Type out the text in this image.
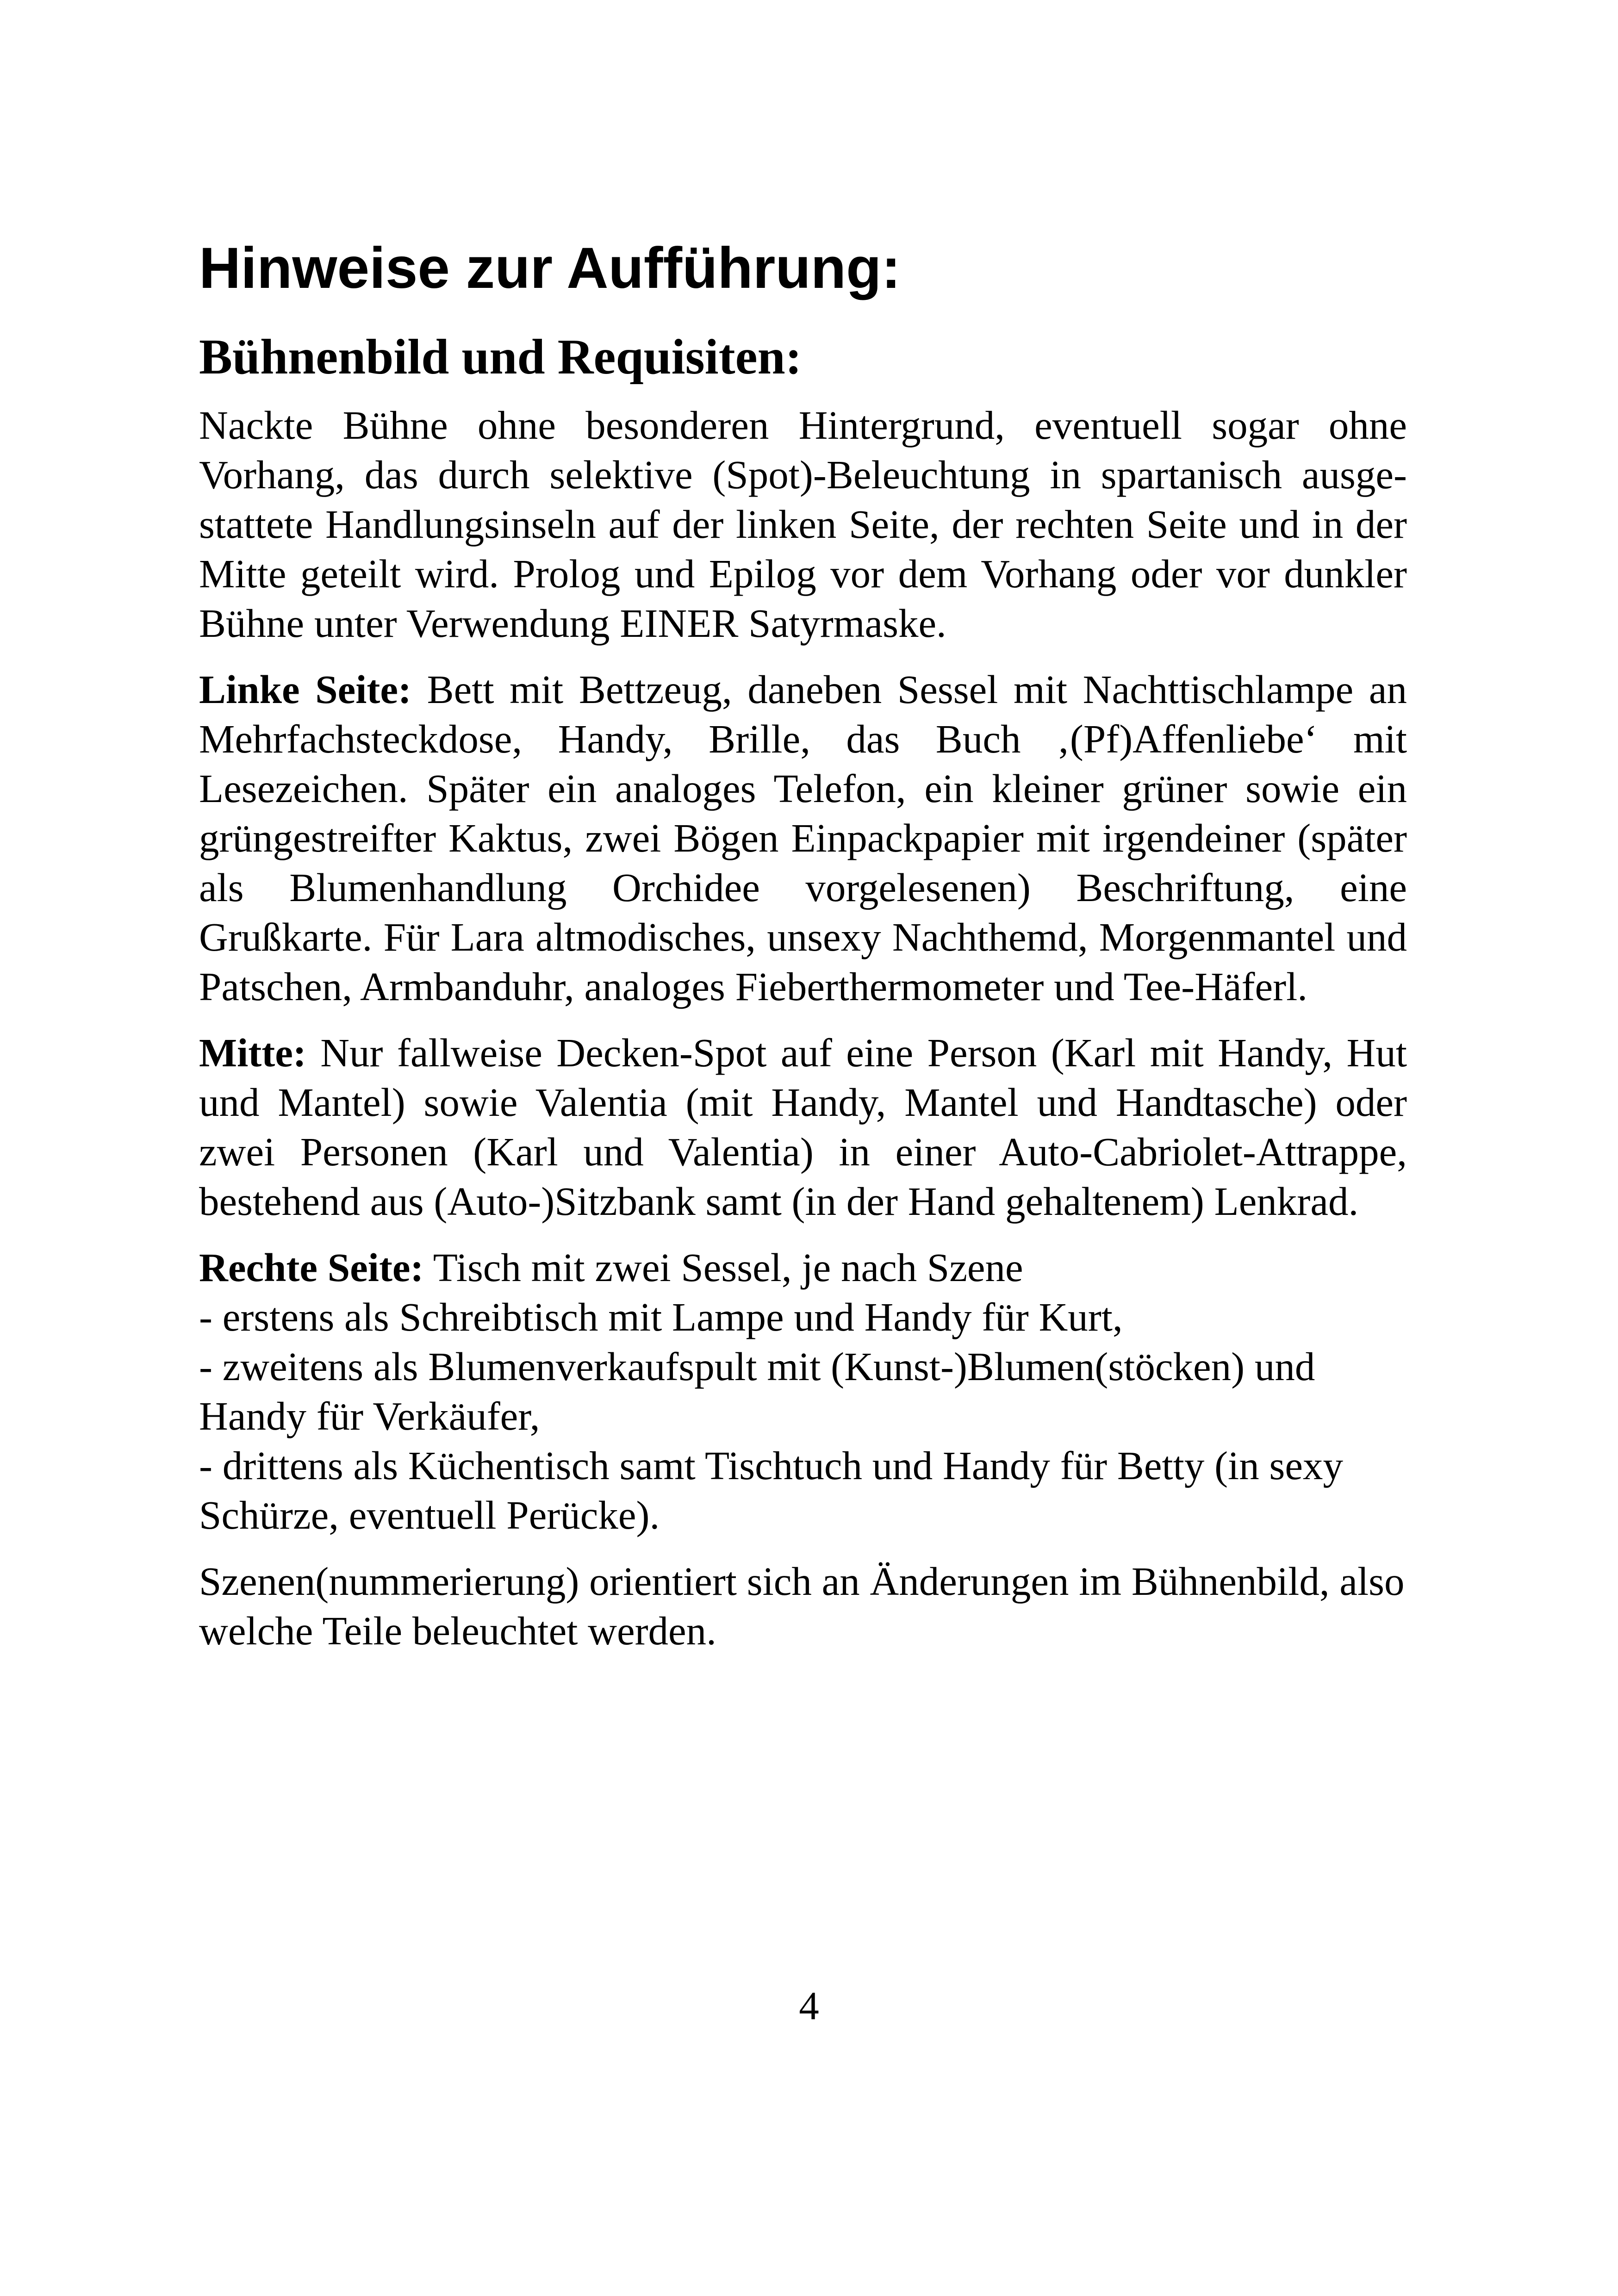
Hinweise zur Aufführung:
Bühnenbild und Requisiten:

Nackte Bühne ohne besonderen Hintergrund, eventuell sogar ohne Vorhang, das durch selektive (Spot)-Beleuchtung in spartanisch ausgestattete Handlungsinseln auf der linken Seite, der rechten Seite und in der Mitte geteilt wird. Prolog und Epilog vor dem Vorhang oder vor dunkler Bühne unter Verwendung EINER Satyrmaske.

Linke Seite: Bett mit Bettzeug, daneben Sessel mit Nachttischlampe an Mehrfachsteckdose, Handy, Brille, das Buch ‚(Pf)Affenliebe‘ mit Lesezeichen. Später ein analoges Telefon, ein kleiner grüner sowie ein grüngestreifter Kaktus, zwei Bögen Einpackpapier mit irgendeiner (später als Blumenhandlung Orchidee vorgelesenen) Beschriftung, eine Grußkarte. Für Lara altmodisches, unsexy Nachthemd, Morgenmantel und Patschen, Armbanduhr, analoges Fieberthermometer und Tee-Häferl.

Mitte: Nur fallweise Decken-Spot auf eine Person (Karl mit Handy, Hut und Mantel) sowie Valentia (mit Handy, Mantel und Handtasche) oder zwei Personen (Karl und Valentia) in einer Auto-Cabriolet-Attrappe, bestehend aus (Auto-)Sitzbank samt (in der Hand gehaltenem) Lenkrad.

Rechte Seite: Tisch mit zwei Sessel, je nach Szene
- erstens als Schreibtisch mit Lampe und Handy für Kurt,
- zweitens als Blumenverkaufspult mit (Kunst-)Blumen(stöcken) und Handy für Verkäufer,
- drittens als Küchentisch samt Tischtuch und Handy für Betty (in sexy Schürze, eventuell Perücke).

Szenen(nummerierung) orientiert sich an Änderungen im Bühnenbild, also welche Teile beleuchtet werden.

4
